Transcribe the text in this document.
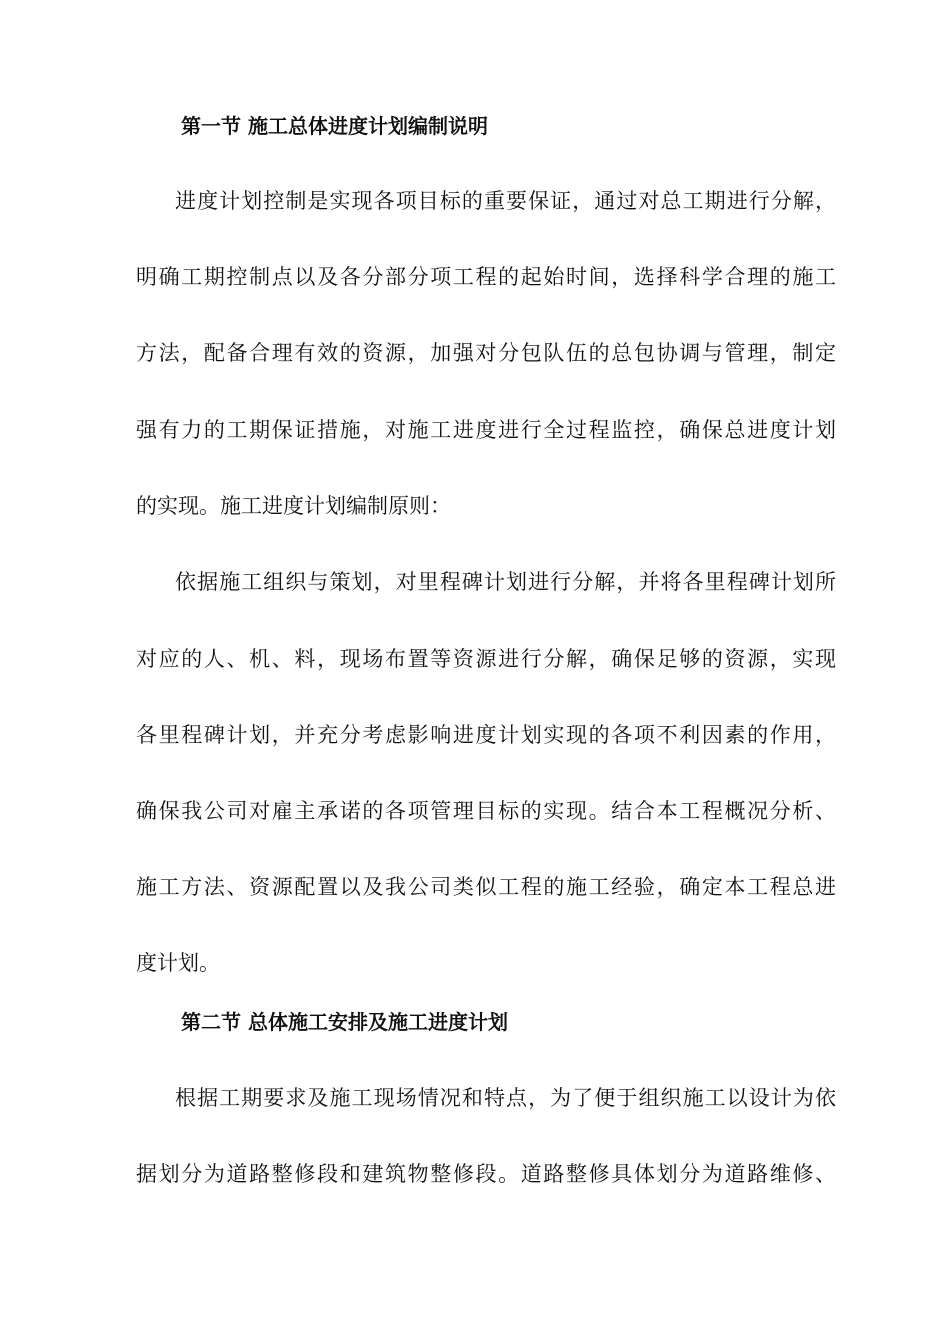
第一节 施工总体进度计划编制说明
进度计划控制是实现各项目标的重要保证，通过对总工期进行分解，
明确工期控制点以及各分部分项工程的起始时间，选择科学合理的施工
方法，配备合理有效的资源，加强对分包队伍的总包协调与管理，制定
强有力的工期保证措施，对施工进度进行全过程监控，确保总进度计划
的实现。施工进度计划编制原则：
依据施工组织与策划，对里程碑计划进行分解，并将各里程碑计划所
对应的人、机、料，现场布置等资源进行分解，确保足够的资源，实现
各里程碑计划，并充分考虑影响进度计划实现的各项不利因素的作用，
确保我公司对雇主承诺的各项管理目标的实现。结合本工程概况分析、
施工方法、资源配置以及我公司类似工程的施工经验，确定本工程总进
度计划。
第二节 总体施工安排及施工进度计划
根据工期要求及施工现场情况和特点，为了便于组织施工以设计为依
据划分为道路整修段和建筑物整修段。道路整修具体划分为道路维修、
